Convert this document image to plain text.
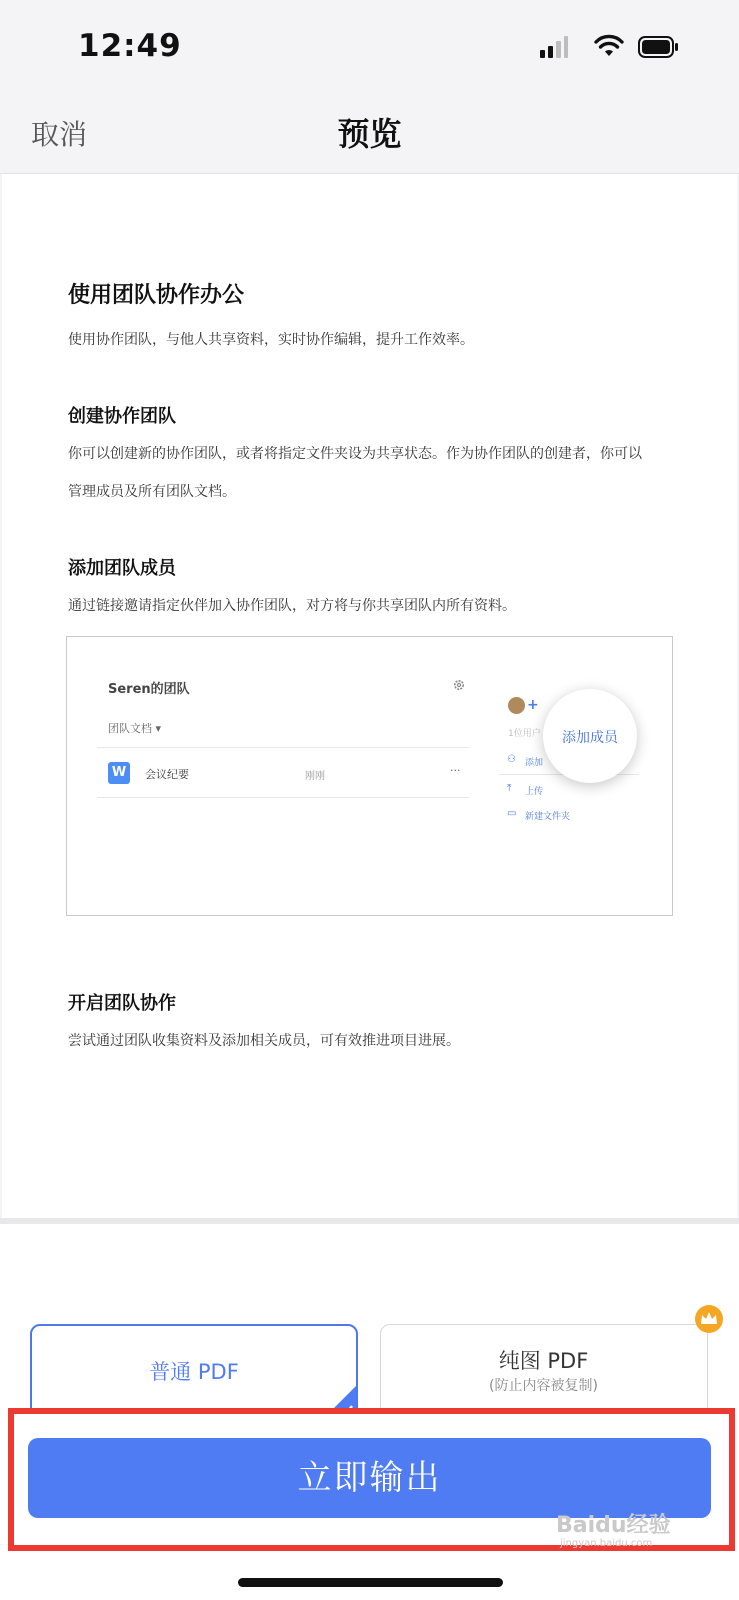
12:49
取消	预览
使用团队协作办公
使用协作团队，与他人共享资料，实时协作编辑，提升工作效率。
创建协作团队
你可以创建新的协作团队，或者将指定文件夹设为共享状态。作为协作团队的创建者，你可以
管理成员及所有团队文档。
添加团队成员
通过链接邀请指定伙伴加入协作团队，对方将与你共享团队内所有资料。
开启团队协作
尝试通过团队收集资料及添加相关成员，可有效推进项目进展。
Seren的团队
团队文档 ▾
W	会议纪要	刚刚	···
+
1位用户
⚇ 添加
⤒ 上传
▭ 新建文件夹
添加成员
普通 PDF	纯图 PDF
(防止内容被复制)
立即输出
Baidu经验
jingyan.baidu.com
